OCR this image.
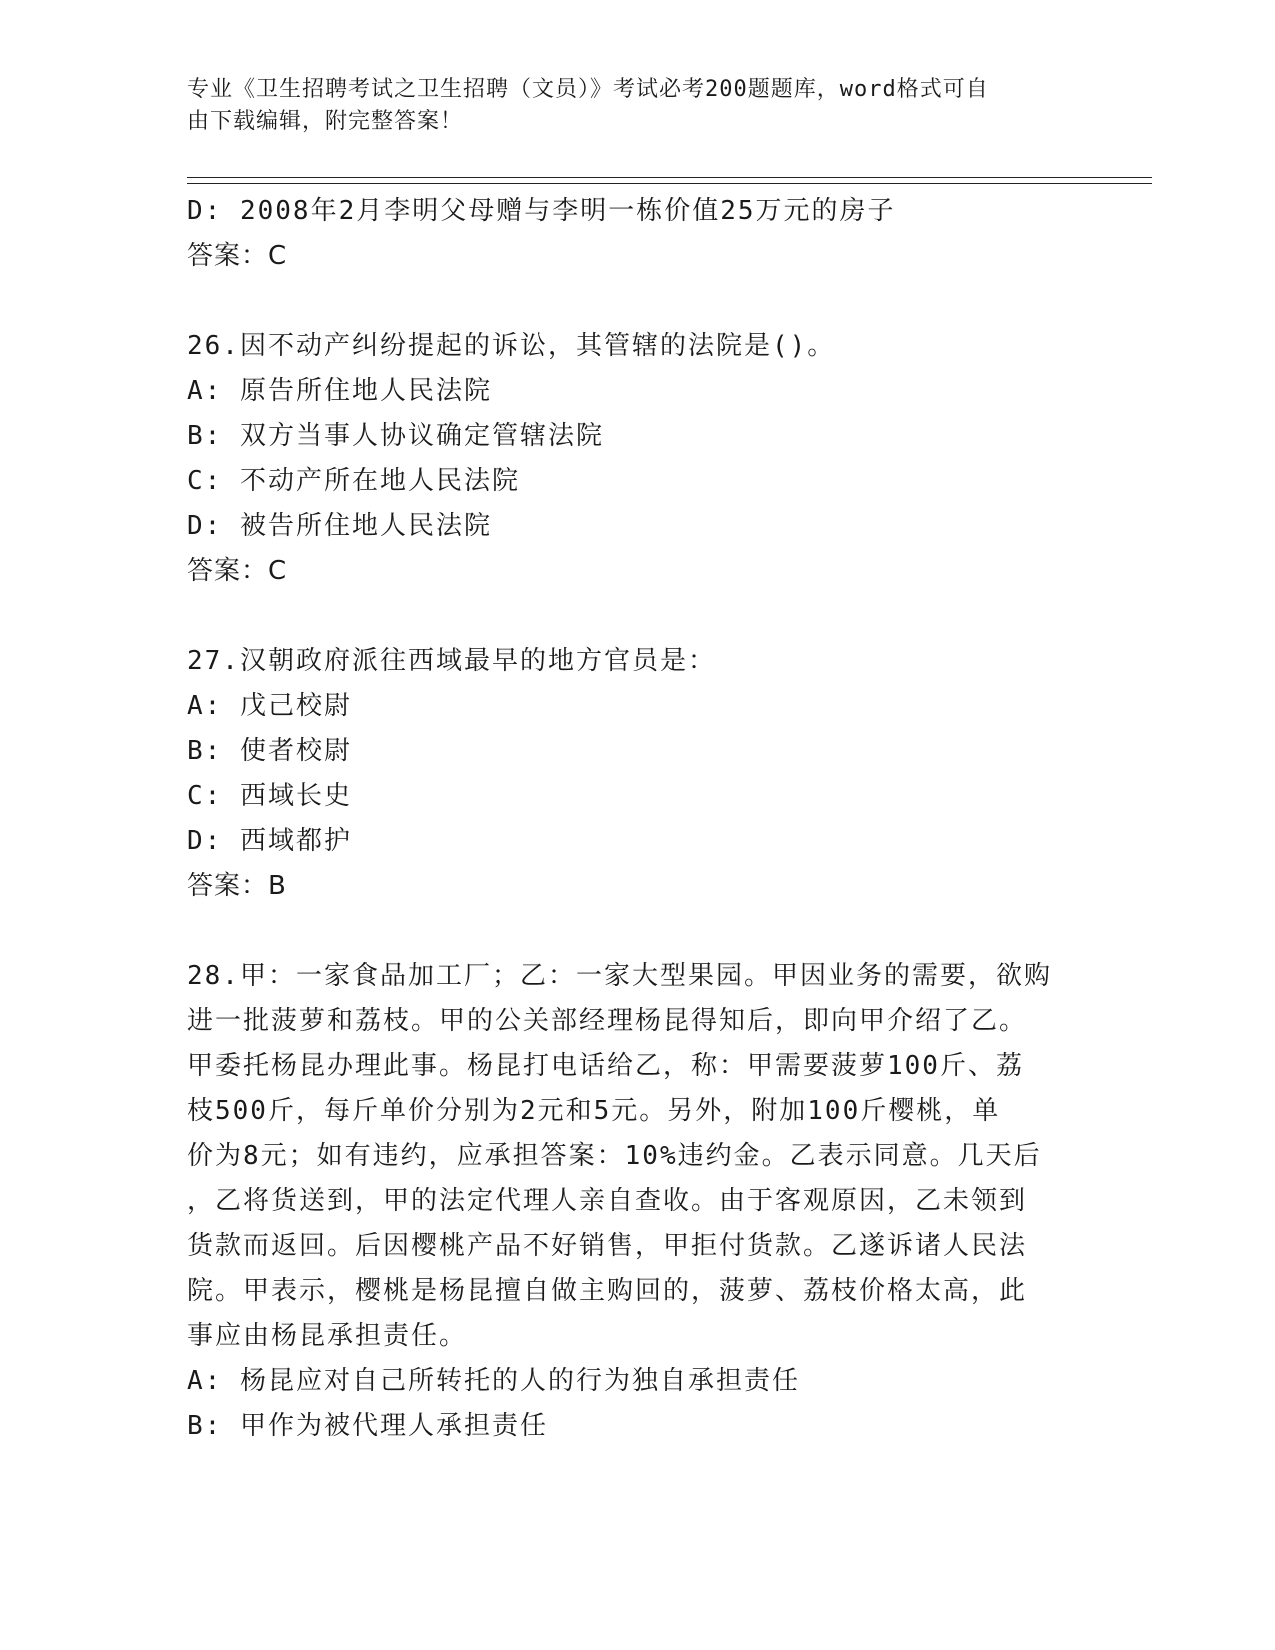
专业《卫生招聘考试之卫生招聘（文员）》考试必考200题题库，word格式可自
由下载编辑，附完整答案！
D: 2008年2月李明父母赠与李明一栋价值25万元的房子
答案：C
26.因不动产纠纷提起的诉讼，其管辖的法院是()。
A: 原告所住地人民法院
B: 双方当事人协议确定管辖法院
C: 不动产所在地人民法院
D: 被告所住地人民法院
答案：C
27.汉朝政府派往西域最早的地方官员是：
A: 戊己校尉
B: 使者校尉
C: 西域长史
D: 西域都护
答案：B
28.甲：一家食品加工厂；乙：一家大型果园。甲因业务的需要，欲购
进一批菠萝和荔枝。甲的公关部经理杨昆得知后，即向甲介绍了乙。
甲委托杨昆办理此事。杨昆打电话给乙，称：甲需要菠萝100斤、荔
枝500斤，每斤单价分别为2元和5元。另外，附加100斤樱桃，单
价为8元；如有违约，应承担答案：10%违约金。乙表示同意。几天后
，乙将货送到，甲的法定代理人亲自查收。由于客观原因，乙未领到
货款而返回。后因樱桃产品不好销售，甲拒付货款。乙遂诉诸人民法
院。甲表示，樱桃是杨昆擅自做主购回的，菠萝、荔枝价格太高，此
事应由杨昆承担责任。
A: 杨昆应对自己所转托的人的行为独自承担责任
B: 甲作为被代理人承担责任
